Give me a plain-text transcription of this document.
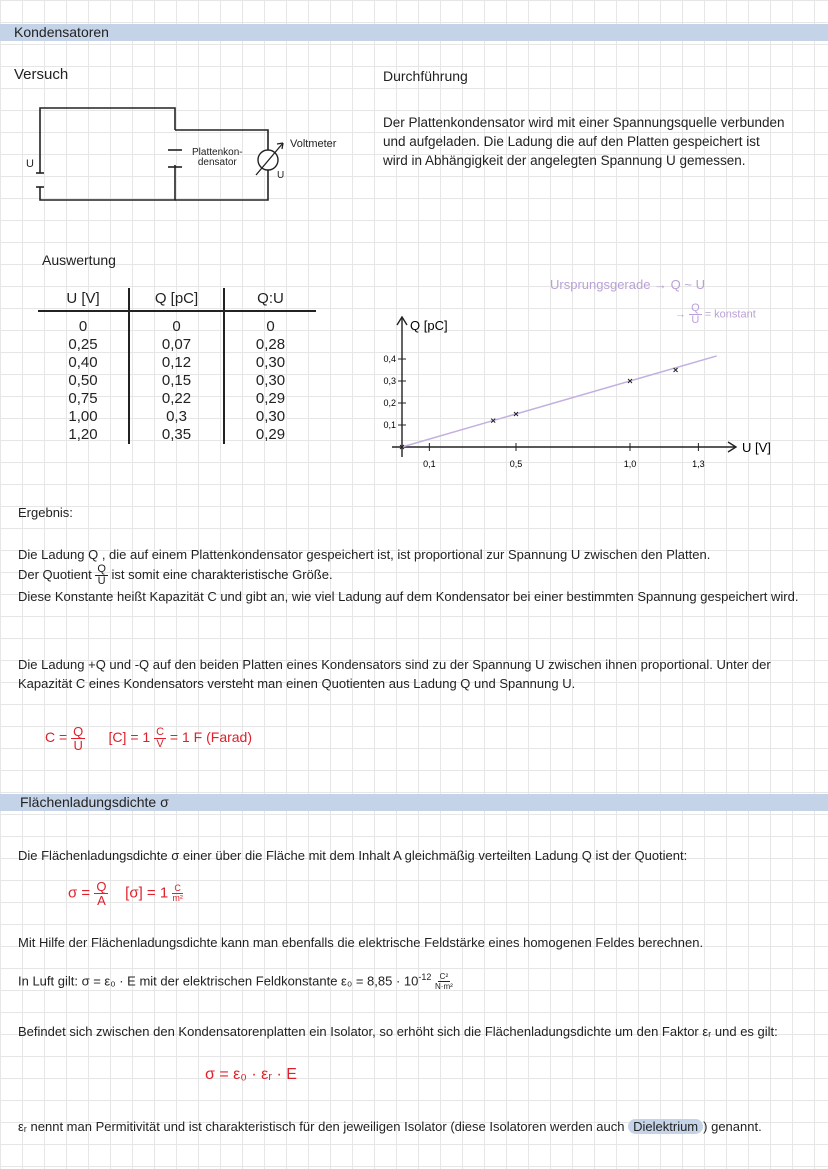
Kondensatoren
Versuch
U
Plattenkon-
densator
Voltmeter
U
Durchführung
Der Plattenkondensator wird mit einer Spannungsquelle verbunden
und aufgeladen. Die Ladung die auf den Platten gespeichert ist
wird in Abhängigkeit der angelegten Spannung U gemessen.
Auswertung
U [V]	Q [pC]	Q:U
0	0	0
0,25	0,07	0,28
0,40	0,12	0,30
0,50	0,15	0,30
0,75	0,22	0,29
1,00	0,3	0,30
1,20	0,35	0,29
Ursprungsgerade → Q ~ U
→ $\frac{Q}{U}$ = konstant
0,1	0,5	1,0	1,3
0,1
0,2
0,3
0,4
Q [pC]
U [V]
Ergebnis:
Die Ladung Q , die auf einem Plattenkondensator gespeichert ist, ist proportional zur Spannung U zwischen den Platten.
Der Quotient $\frac{Q}{U}$ ist somit eine charakteristische Größe.
Diese Konstante heißt Kapazität C und gibt an, wie viel Ladung auf dem Kondensator bei einer bestimmten Spannung gespeichert wird.
Die Ladung +Q und -Q auf den beiden Platten eines Kondensators sind zu der Spannung U zwischen ihnen proportional. Unter der Kapazität C eines Kondensators versteht man einen Quotienten aus Ladung Q und Spannung U.
$C = \frac{Q}{U} [C] = 1 \frac{C}{V} = 1$ F (Farad)
Flächenladungsdichte σ
Die Flächenladungsdichte σ einer über die Fläche mit dem Inhalt A gleichmäßig verteilten Ladung Q ist der Quotient:
$\sigma = \frac{Q}{A} [\sigma] = 1 \frac{C}{\text{m²}}$
Mit Hilfe der Flächenladungsdichte kann man ebenfalls die elektrische Feldstärke eines homogenen Feldes berechnen.
In Luft gilt: σ = ε₀ · E mit der elektrischen Feldkonstante $\varepsilon_0 = 8,85 \cdot 10^{-12} \frac{\text{C²}}{\text{N·m²}}$
Befindet sich zwischen den Kondensatorenplatten ein Isolator, so erhöht sich die Flächenladungsdichte um den Faktor εᵣ und es gilt:
σ = ε₀ · εᵣ · E
εᵣ nennt man Permitivität und ist charakteristisch für den jeweiligen Isolator (diese Isolatoren werden auch Dielektrium ) genannt.
